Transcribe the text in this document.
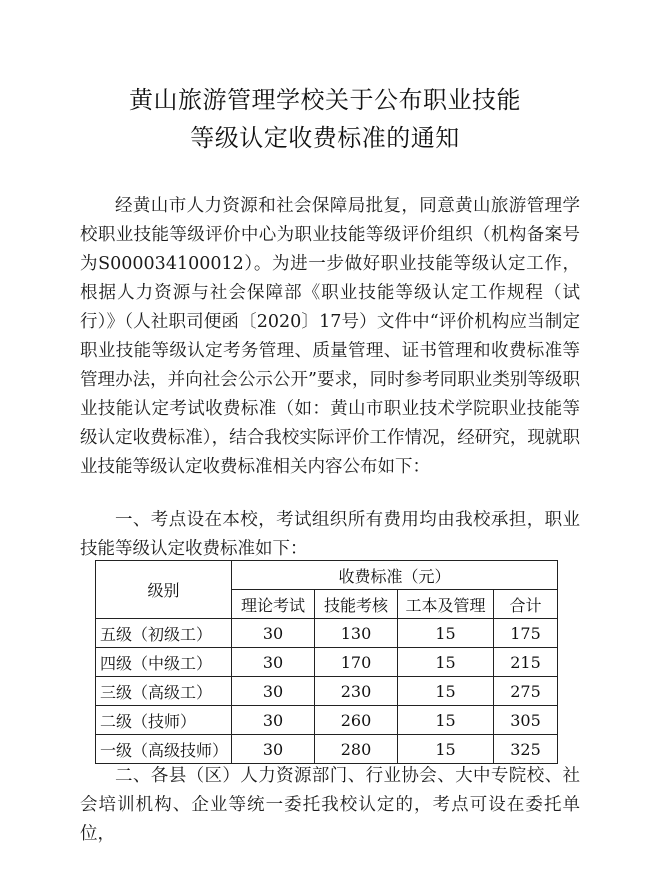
黄山旅游管理学校关于公布职业技能
等级认定收费标准的通知

经黄山市人力资源和社会保障局批复，同意黄山旅游管理学校职业技能等级评价中心为职业技能等级评价组织（机构备案号为S000034100012）。为进一步做好职业技能等级认定工作，根据人力资源与社会保障部《职业技能等级认定工作规程（试行）》（人社职司便函〔2020〕17号）文件中“评价机构应当制定职业技能等级认定考务管理、质量管理、证书管理和收费标准等管理办法，并向社会公示公开”要求，同时参考同职业类别等级职业技能认定考试收费标准（如：黄山市职业技术学院职业技能等级认定收费标准），结合我校实际评价工作情况，经研究，现就职业技能等级认定收费标准相关内容公布如下：

一、考点设在本校，考试组织所有费用均由我校承担，职业技能等级认定收费标准如下：

级别	收费标准（元）			
	理论考试	技能考核	工本及管理	合计
五级（初级工）	30	130	15	175
四级（中级工）	30	170	15	215
三级（高级工）	30	230	15	275
二级（技师）	30	260	15	305
一级（高级技师）	30	280	15	325

二、各县（区）人力资源部门、行业协会、大中专院校、社会培训机构、企业等统一委托我校认定的，考点可设在委托单位，
